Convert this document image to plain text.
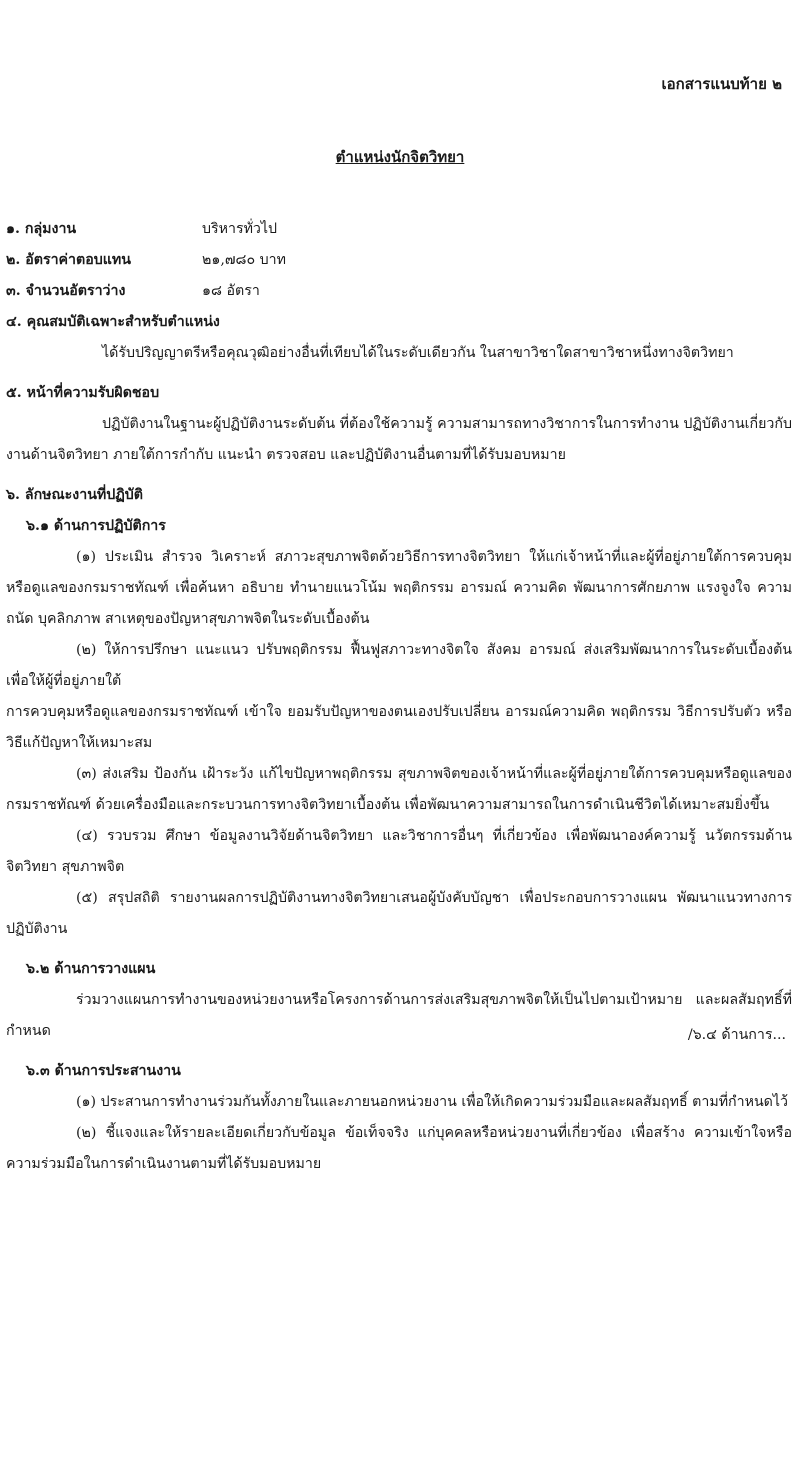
เอกสารแนบท้าย ๒
ตำแหน่งนักจิตวิทยา
๑. กลุ่มงาน	บริหารทั่วไป
๒. อัตราค่าตอบแทน	๒๑,๗๘๐ บาท
๓. จำนวนอัตราว่าง	๑๘ อัตรา
๔. คุณสมบัติเฉพาะสำหรับตำแหน่ง

ได้รับปริญญาตรีหรือคุณวุฒิอย่างอื่นที่เทียบได้ในระดับเดียวกัน ในสาขาวิชาใดสาขาวิชาหนึ่งทางจิตวิทยา

๕. หน้าที่ความรับผิดชอบ

ปฏิบัติงานในฐานะผู้ปฏิบัติงานระดับต้น ที่ต้องใช้ความรู้ ความสามารถทางวิชาการในการทำงาน ปฏิบัติงานเกี่ยวกับงานด้านจิตวิทยา ภายใต้การกำกับ แนะนำ ตรวจสอบ และปฏิบัติงานอื่นตามที่ได้รับมอบหมาย

๖. ลักษณะงานที่ปฏิบัติ
๖.๑ ด้านการปฏิบัติการ

(๑) ประเมิน สำรวจ วิเคราะห์ สภาวะสุขภาพจิตด้วยวิธีการทางจิตวิทยา ให้แก่เจ้าหน้าที่และผู้ที่อยู่ภายใต้การควบคุมหรือดูแลของกรมราชทัณฑ์ เพื่อค้นหา อธิบาย ทำนายแนวโน้ม พฤติกรรม อารมณ์ ความคิด พัฒนาการศักยภาพ แรงจูงใจ ความถนัด บุคลิกภาพ สาเหตุของปัญหาสุขภาพจิตในระดับเบื้องต้น

(๒) ให้การปรึกษา แนะแนว ปรับพฤติกรรม ฟื้นฟูสภาวะทางจิตใจ สังคม อารมณ์ ส่งเสริมพัฒนาการในระดับเบื้องต้น เพื่อให้ผู้ที่อยู่ภายใต้

การควบคุมหรือดูแลของกรมราชทัณฑ์ เข้าใจ ยอมรับปัญหาของตนเองปรับเปลี่ยน อารมณ์ความคิด พฤติกรรม วิธีการปรับตัว หรือวิธีแก้ปัญหาให้เหมาะสม

(๓) ส่งเสริม ป้องกัน เฝ้าระวัง แก้ไขปัญหาพฤติกรรม สุขภาพจิตของเจ้าหน้าที่และผู้ที่อยู่ภายใต้การควบคุมหรือดูแลของกรมราชทัณฑ์ ด้วยเครื่องมือและกระบวนการทางจิตวิทยาเบื้องต้น เพื่อพัฒนาความสามารถในการดำเนินชีวิตได้เหมาะสมยิ่งขึ้น

(๔) รวบรวม ศึกษา ข้อมูลงานวิจัยด้านจิตวิทยา และวิชาการอื่นๆ ที่เกี่ยวข้อง เพื่อพัฒนาองค์ความรู้ นวัตกรรมด้านจิตวิทยา สุขภาพจิต

(๕) สรุปสถิติ รายงานผลการปฏิบัติงานทางจิตวิทยาเสนอผู้บังคับบัญชา เพื่อประกอบการวางแผน พัฒนาแนวทางการปฏิบัติงาน

๖.๒ ด้านการวางแผน

ร่วมวางแผนการทำงานของหน่วยงานหรือโครงการด้านการส่งเสริมสุขภาพจิตให้เป็นไปตามเป้าหมาย และผลสัมฤทธิ์ที่กำหนด

๖.๓ ด้านการประสานงาน

(๑) ประสานการทำงานร่วมกันทั้งภายในและภายนอกหน่วยงาน เพื่อให้เกิดความร่วมมือและผลสัมฤทธิ์ ตามที่กำหนดไว้

(๒) ชี้แจงและให้รายละเอียดเกี่ยวกับข้อมูล ข้อเท็จจริง แก่บุคคลหรือหน่วยงานที่เกี่ยวข้อง เพื่อสร้าง ความเข้าใจหรือความร่วมมือในการดำเนินงานตามที่ได้รับมอบหมาย

/๖.๔ ด้านการ...
